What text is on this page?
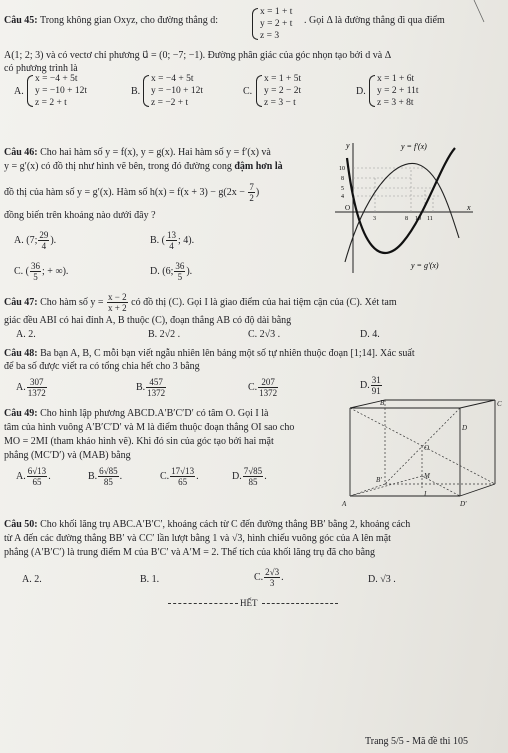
Câu 45: Trong không gian Oxyz, cho đường thẳng d:
x = 1 + t
y = 2 + t
z = 3
. Gọi Δ là đường thẳng đi qua điểm
A(1; 2; 3) và có vectơ chỉ phương u⃗ = (0; −7; −1). Đường phân giác của góc nhọn tạo bởi d và Δ
có phương trình là
A.
x = −4 + 5t
y = −10 + 12t
z = 2 + t
B.
x = −4 + 5t
y = −10 + 12t
z = −2 + t
C.
x = 1 + 5t
y = 2 − 2t
z = 3 − t
D.
x = 1 + 6t
y = 2 + 11t
z = 3 + 8t
Câu 46: Cho hai hàm số y = f(x), y = g(x). Hai hàm số y = f′(x) và
y = g′(x) có đồ thị như hình vẽ bên, trong đó đường cong đậm hơn là
đồ thị của hàm số y = g′(x). Hàm số $h(x) = f(x + 3) - g(2x - \frac{7}{2}$ )
đồng biến trên khoảng nào dưới đây ?
A. (7; $\frac{29}{4}$ ).	B. ( $\frac{13}{4}$ ; 4).
C. ( $\frac{36}{5}$ ; + ∞).	D. (6; $\frac{36}{5}$ ).
y	y = f′(x)
y = g′(x)
10
8
5
4
O
3	8 10 11
x
Câu 47: Cho hàm số $y = \frac{x - 2}{x + 2}$ có đồ thị (C). Gọi I là giao điểm của hai tiệm cận của (C). Xét tam
giác đều ABI có hai đỉnh A, B thuộc (C), đoạn thẳng AB có độ dài bằng
A. 2.	B. 2√2 .	C. 2√3 .	D. 4.
Câu 48: Ba bạn A, B, C mỗi bạn viết ngẫu nhiên lên bảng một số tự nhiên thuộc đoạn [1;14]. Xác suất
để ba số được viết ra có tổng chia hết cho 3 bằng
A. $\frac{307}{1372}$	B. $\frac{457}{1372}$	C. $\frac{207}{1372}$	D. $\frac{31}{91}$
Câu 49: Cho hình lập phương ABCD.A′B′C′D′ có tâm O. Gọi I là
tâm của hình vuông A′B′C′D′ và M là điểm thuộc đoạn thẳng OI sao cho
MO = 2MI (tham khảo hình vẽ). Khi đó sin của góc tạo bởi hai mặt
phẳng (MC′D′) và (MAB) bằng
A. $\frac{6√13}{65}$ .	B. $\frac{6√85}{85}$ .	C. $\frac{17√13}{65}$ .	D. $\frac{7√85}{85}$ .
B	C
D
O
M
I
B′
A	D′
Câu 50: Cho khối lăng trụ ABC.A′B′C′, khoảng cách từ C đến đường thẳng BB′ bằng 2, khoảng cách
từ A đến các đường thẳng BB′ và CC′ lần lượt bằng 1 và √3, hình chiếu vuông góc của A lên mặt
phẳng (A′B′C′) là trung điểm M của B′C′ và A′M = 2. Thể tích của khối lăng trụ đã cho bằng
A. 2.	B. 1.	C. $\frac{2√3}{3}$ .	D. √3 .
HẾT
Trang 5/5 - Mã đề thi 105
